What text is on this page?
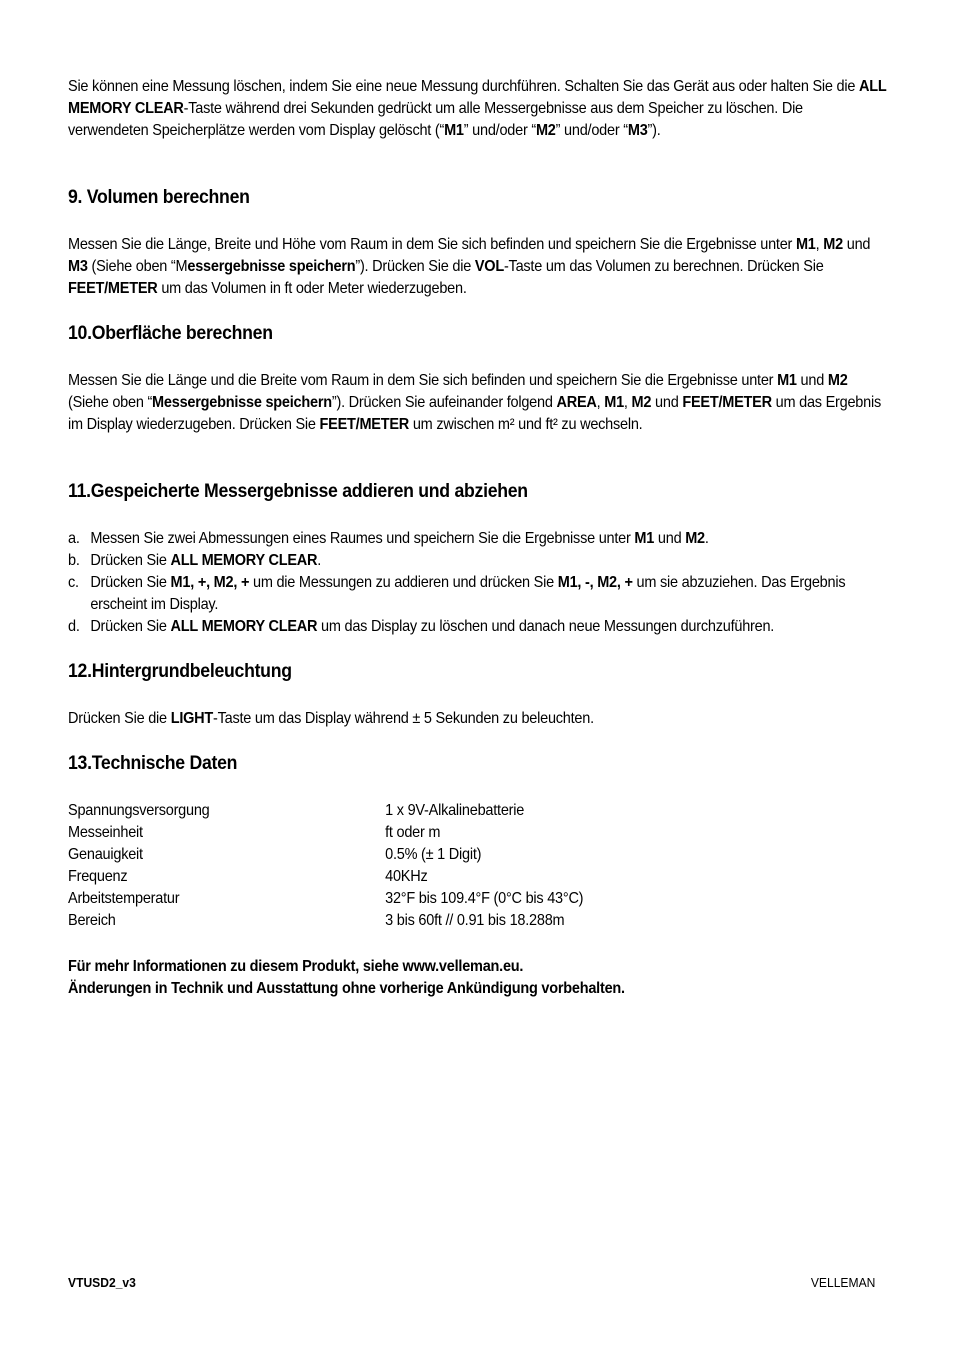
Sie können eine Messung löschen, indem Sie eine neue Messung durchführen. Schalten Sie das Gerät aus oder halten Sie die ALL MEMORY CLEAR-Taste während drei Sekunden gedrückt um alle Messergebnisse aus dem Speicher zu löschen. Die verwendeten Speicherplätze werden vom Display gelöscht (“M1” und/oder “M2” und/oder “M3”).

9. Volumen berechnen

Messen Sie die Länge, Breite und Höhe vom Raum in dem Sie sich befinden und speichern Sie die Ergebnisse unter M1, M2 und M3 (Siehe oben “Messergebnisse speichern”). Drücken Sie die VOL-Taste um das Volumen zu berechnen. Drücken Sie FEET/METER um das Volumen in ft oder Meter wiederzugeben.

10.Oberfläche berechnen

Messen Sie die Länge und die Breite vom Raum in dem Sie sich befinden und speichern Sie die Ergebnisse unter M1 und M2 (Siehe oben “Messergebnisse speichern”). Drücken Sie aufeinander folgend AREA, M1, M2 und FEET/METER um das Ergebnis im Display wiederzugeben. Drücken Sie FEET/METER um zwischen m² und ft² zu wechseln.

11.Gespeicherte Messergebnisse addieren und abziehen
a. Messen Sie zwei Abmessungen eines Raumes und speichern Sie die Ergebnisse unter M1 und M2.
b. Drücken Sie ALL MEMORY CLEAR.
c. Drücken Sie M1, +, M2, + um die Messungen zu addieren und drücken Sie M1, -, M2, + um sie abzuziehen. Das Ergebnis erscheint im Display.
d. Drücken Sie ALL MEMORY CLEAR um das Display zu löschen und danach neue Messungen durchzuführen.
12.Hintergrundbeleuchtung

Drücken Sie die LIGHT-Taste um das Display während ± 5 Sekunden zu beleuchten.

13.Technische Daten
Spannungsversorgung	1 x 9V-Alkalinebatterie
Messeinheit	ft oder m
Genauigkeit	0.5% (± 1 Digit)
Frequenz	40KHz
Arbeitstemperatur	32°F bis 109.4°F (0°C bis 43°C)
Bereich	3 bis 60ft // 0.91 bis 18.288m

Für mehr Informationen zu diesem Produkt, siehe www.velleman.eu.

Änderungen in Technik und Ausstattung ohne vorherige Ankündigung vorbehalten.

VTUSD2_v3	VELLEMAN
